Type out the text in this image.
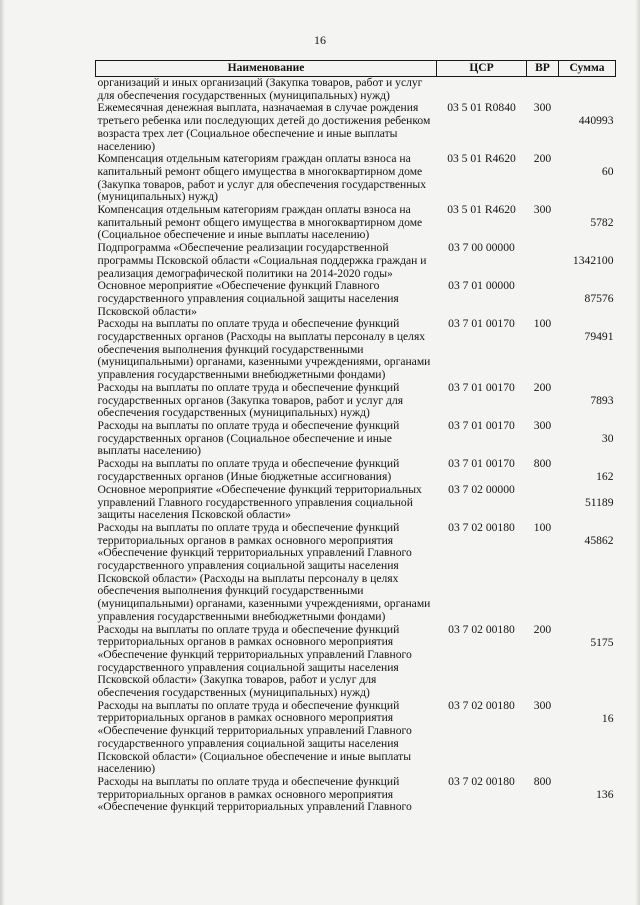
16
Наименование	ЦСР	ВР	Сумма
организаций и иных организаций (Закупка товаров, работ и услуг для обеспечения государственных (муниципальных) нужд)			
Ежемесячная денежная выплата, назначаемая в случае рождения третьего ребенка или последующих детей до достижения ребенком возраста трех лет (Социальное обеспечение и иные выплаты населению)	03 5 01 R0840	300	440993
Компенсация отдельным категориям граждан оплаты взноса на капитальный ремонт общего имущества в многоквартирном доме (Закупка товаров, работ и услуг для обеспечения государственных (муниципальных) нужд)	03 5 01 R4620	200	60
Компенсация отдельным категориям граждан оплаты взноса на капитальный ремонт общего имущества в многоквартирном доме (Социальное обеспечение и иные выплаты населению)	03 5 01 R4620	300	5782
Подпрограмма «Обеспечение реализации государственной программы Псковской области «Социальная поддержка граждан и реализация демографической политики на 2014-2020 годы»	03 7 00 00000		1342100
Основное мероприятие «Обеспечение функций Главного государственного управления социальной защиты населения Псковской области»	03 7 01 00000		87576
Расходы на выплаты по оплате труда и обеспечение функций государственных органов (Расходы на выплаты персоналу в целях обеспечения выполнения функций государственными (муниципальными) органами, казенными учреждениями, органами управления государственными внебюджетными фондами)	03 7 01 00170	100	79491
Расходы на выплаты по оплате труда и обеспечение функций государственных органов (Закупка товаров, работ и услуг для обеспечения государственных (муниципальных) нужд)	03 7 01 00170	200	7893
Расходы на выплаты по оплате труда и обеспечение функций государственных органов (Социальное обеспечение и иные выплаты населению)	03 7 01 00170	300	30
Расходы на выплаты по оплате труда и обеспечение функций государственных органов (Иные бюджетные ассигнования)	03 7 01 00170	800	162
Основное мероприятие «Обеспечение функций территориальных управлений Главного государственного управления социальной защиты населения Псковской области»	03 7 02 00000		51189
Расходы на выплаты по оплате труда и обеспечение функций территориальных органов в рамках основного мероприятия «Обеспечение функций территориальных управлений Главного государственного управления социальной защиты населения Псковской области» (Расходы на выплаты персоналу в целях обеспечения выполнения функций государственными (муниципальными) органами, казенными учреждениями, органами управления государственными внебюджетными фондами)	03 7 02 00180	100	45862
Расходы на выплаты по оплате труда и обеспечение функций территориальных органов в рамках основного мероприятия «Обеспечение функций территориальных управлений Главного государственного управления социальной защиты населения Псковской области» (Закупка товаров, работ и услуг для обеспечения государственных (муниципальных) нужд)	03 7 02 00180	200	5175
Расходы на выплаты по оплате труда и обеспечение функций территориальных органов в рамках основного мероприятия «Обеспечение функций территориальных управлений Главного государственного управления социальной защиты населения Псковской области» (Социальное обеспечение и иные выплаты населению)	03 7 02 00180	300	16
Расходы на выплаты по оплате труда и обеспечение функций территориальных органов в рамках основного мероприятия «Обеспечение функций территориальных управлений Главного	03 7 02 00180	800	136
